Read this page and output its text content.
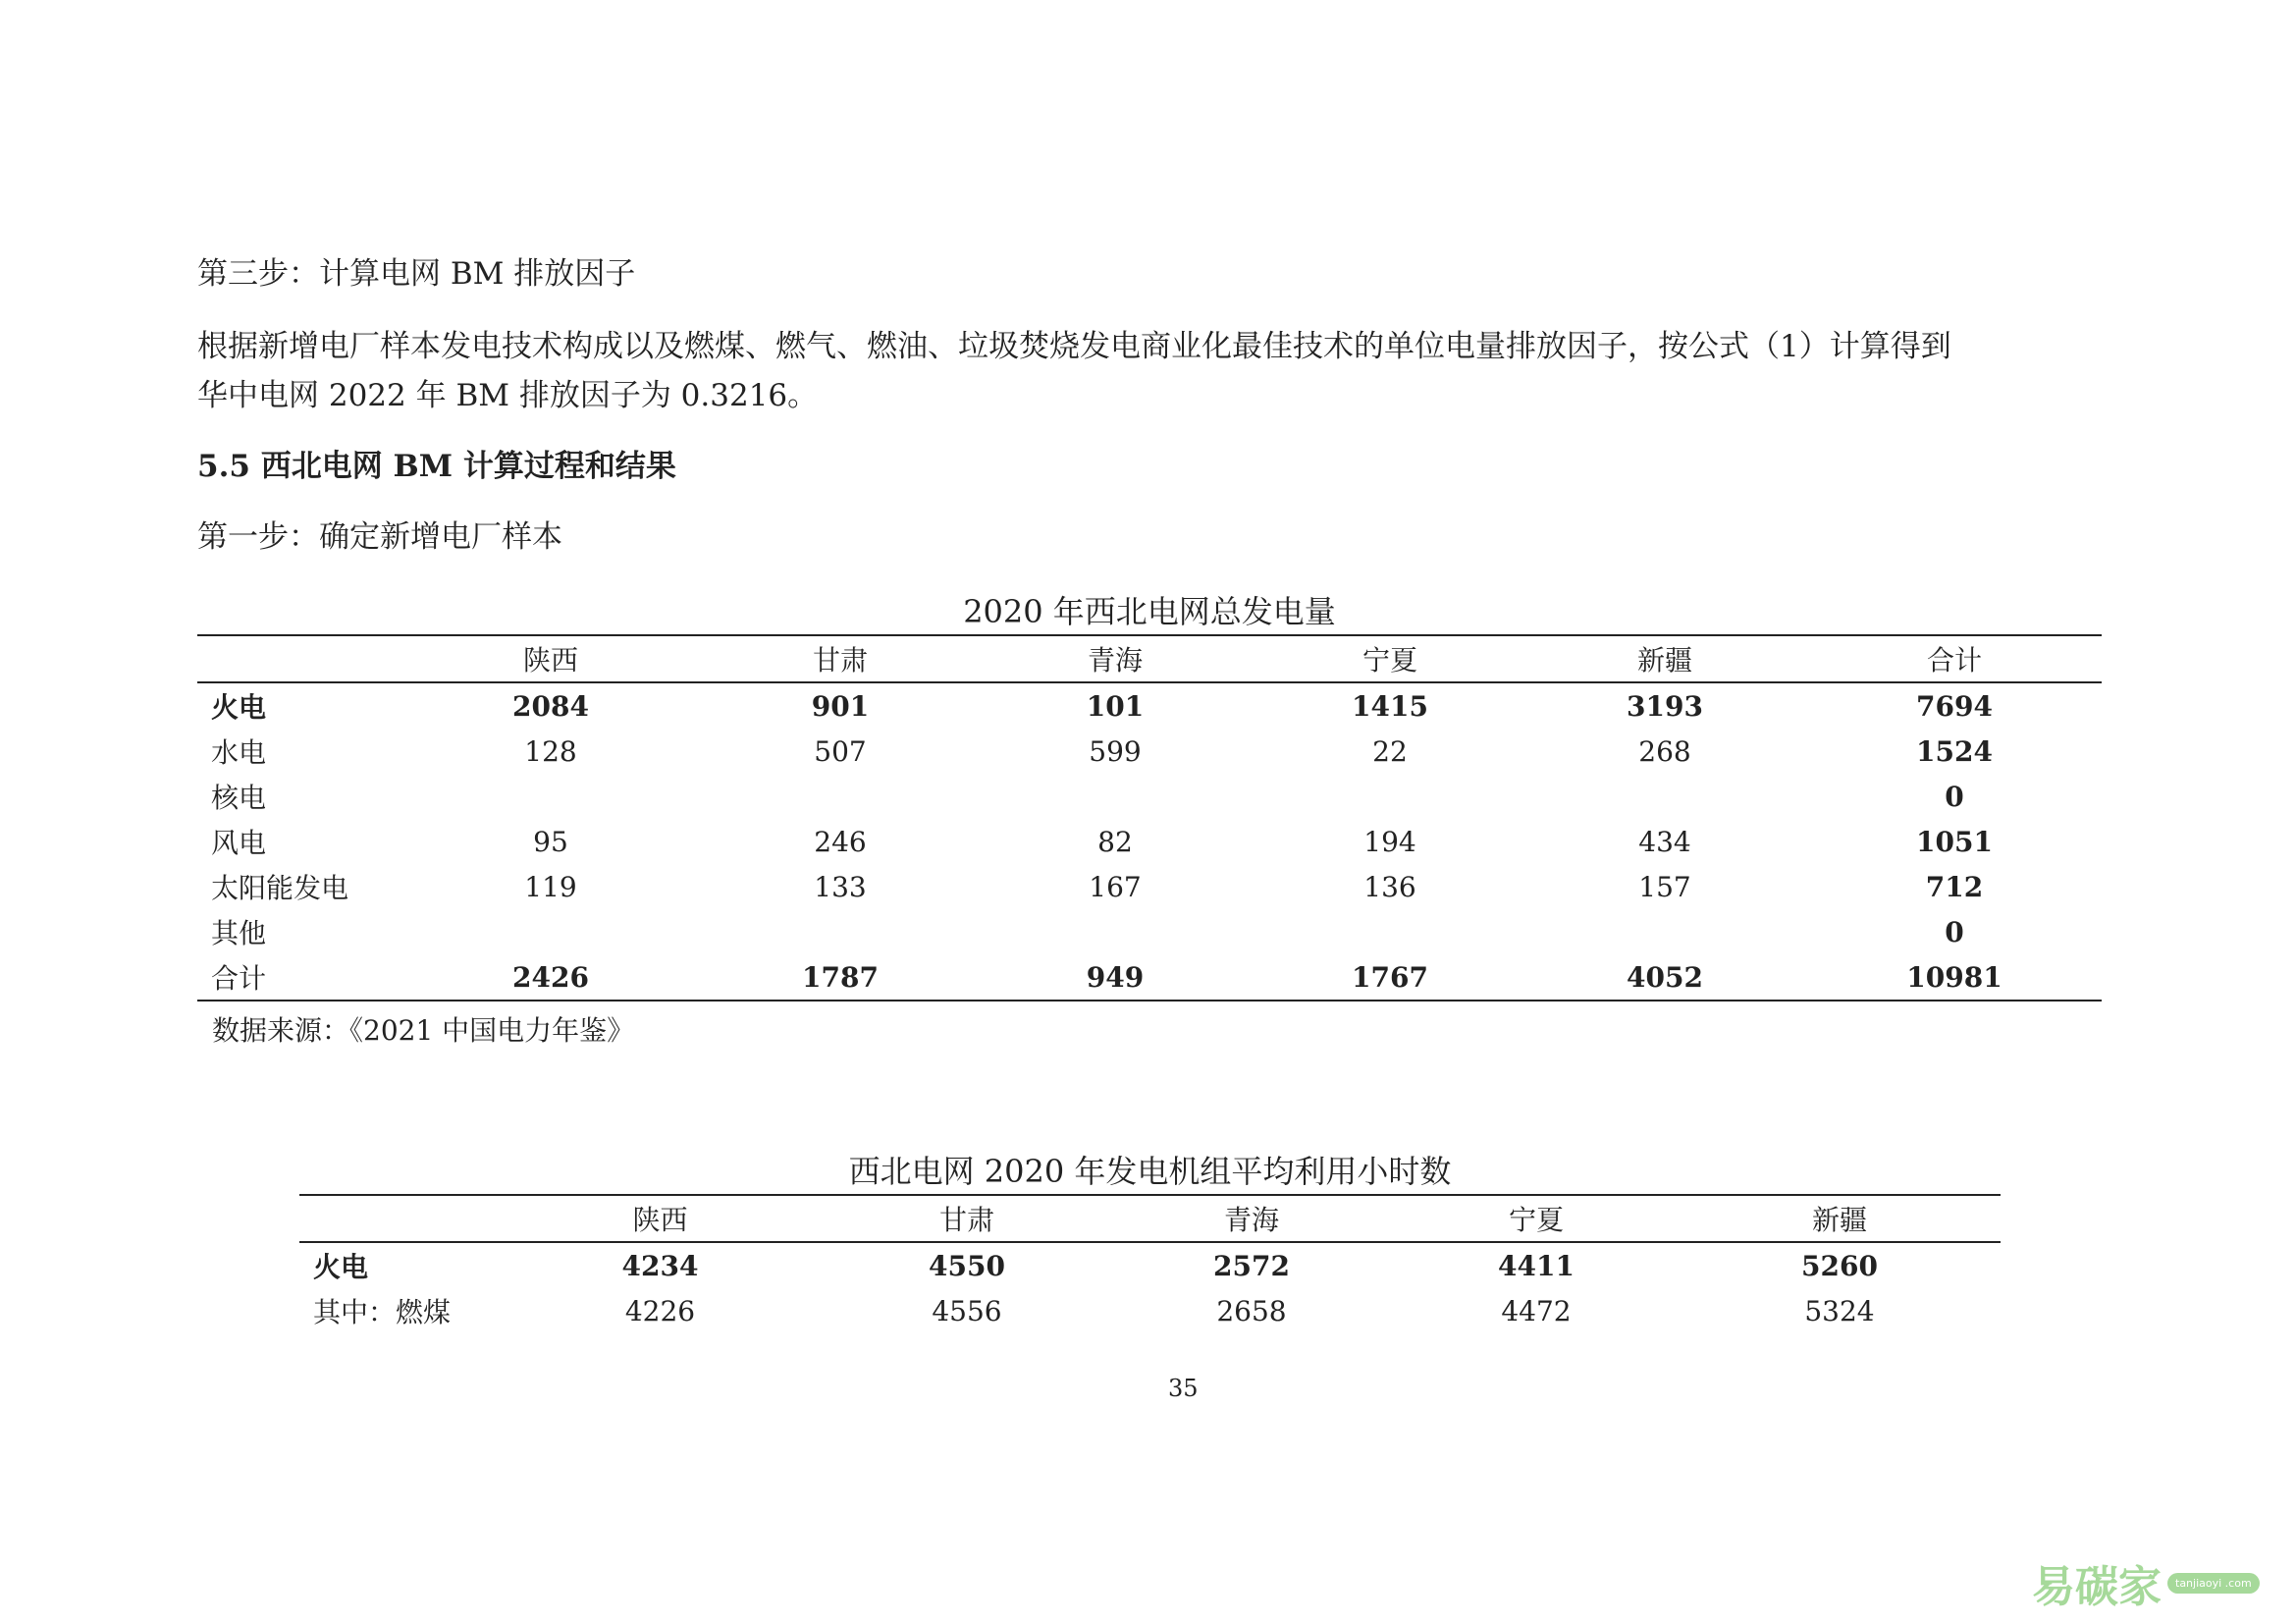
第三步：计算电网 BM 排放因子
根据新增电厂样本发电技术构成以及燃煤、燃气、燃油、垃圾焚烧发电商业化最佳技术的单位电量排放因子，按公式（1）计算得到
华中电网 2022 年 BM 排放因子为 0.3216。
5.5 西北电网 BM 计算过程和结果
第一步：确定新增电厂样本
2020 年西北电网总发电量
	陕西	甘肃	青海	宁夏	新疆	合计
火电	2084	901	101	1415	3193	7694
水电	128	507	599	22	268	1524
核电						0
风电	95	246	82	194	434	1051
太阳能发电	119	133	167	136	157	712
其他						0
合计	2426	1787	949	1767	4052	10981
数据来源：《2021 中国电力年鉴》
西北电网 2020 年发电机组平均利用小时数
	陕西	甘肃	青海	宁夏	新疆
火电	4234	4550	2572	4411	5260
其中：燃煤	4226	4556	2658	4472	5324
35
易碳家	tanjiaoyi .com
